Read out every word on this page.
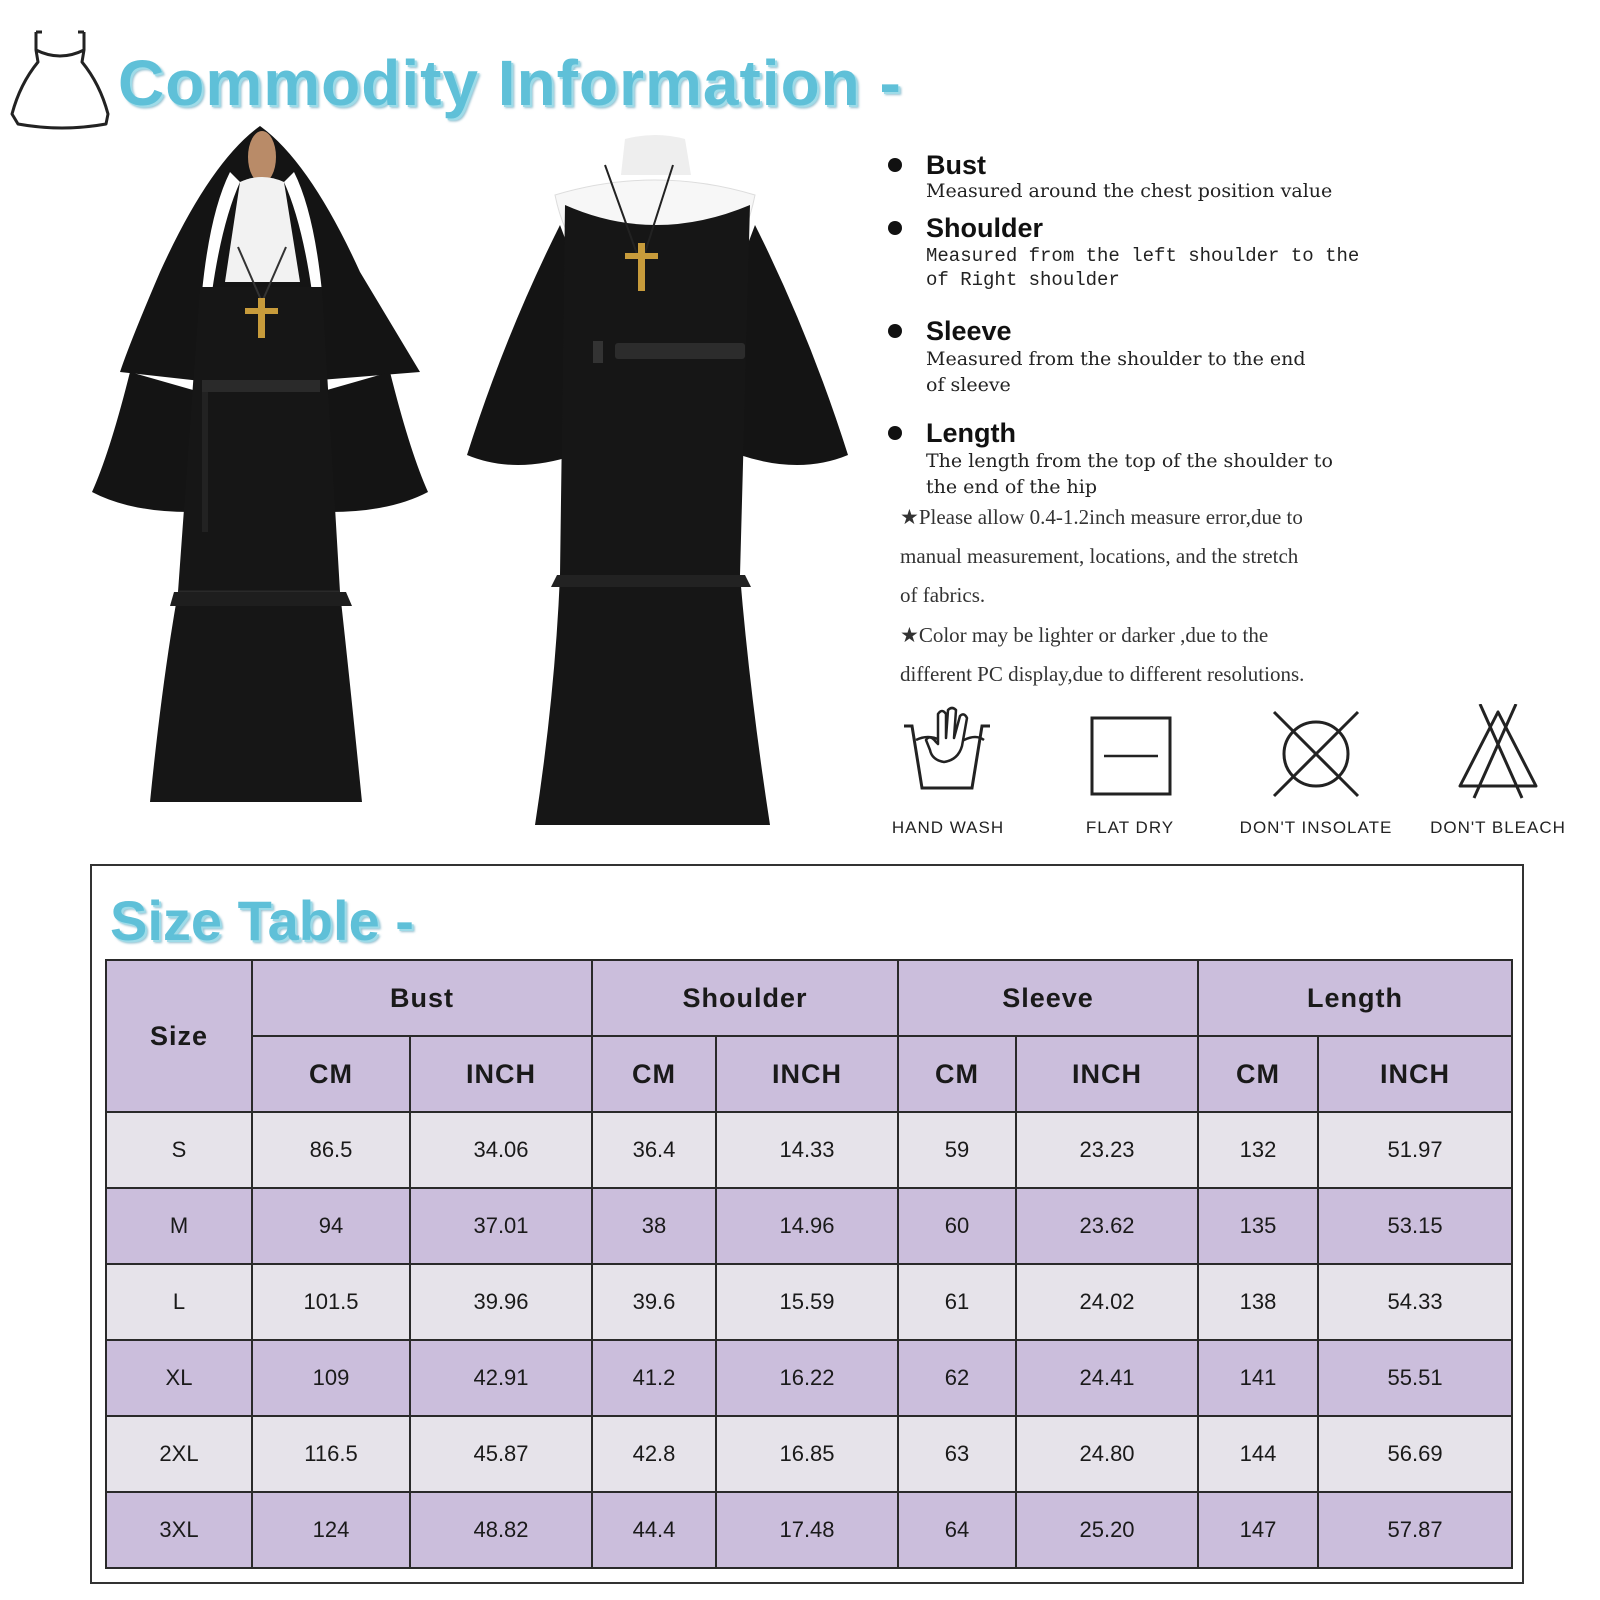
Commodity Information -
Bust
Measured around the chest position value
Shoulder
Measured from the left shoulder to the
of Right shoulder
Sleeve
Measured from the shoulder to the end
of sleeve
Length
The length from the top of the shoulder to
the end of the hip
★Please allow 0.4-1.2inch measure error,due to
manual measurement, locations, and the stretch
of fabrics.
★Color may be lighter or darker ,due to the
different PC display,due to different resolutions.
HAND WASH	FLAT DRY	DON'T INSOLATE	DON'T BLEACH
Size Table -
Size	Bust		Shoulder		Sleeve		Length	
	CM	INCH	CM	INCH	CM	INCH	CM	INCH
S	86.5	34.06	36.4	14.33	59	23.23	132	51.97
M	94	37.01	38	14.96	60	23.62	135	53.15
L	101.5	39.96	39.6	15.59	61	24.02	138	54.33
XL	109	42.91	41.2	16.22	62	24.41	141	55.51
2XL	116.5	45.87	42.8	16.85	63	24.80	144	56.69
3XL	124	48.82	44.4	17.48	64	25.20	147	57.87
